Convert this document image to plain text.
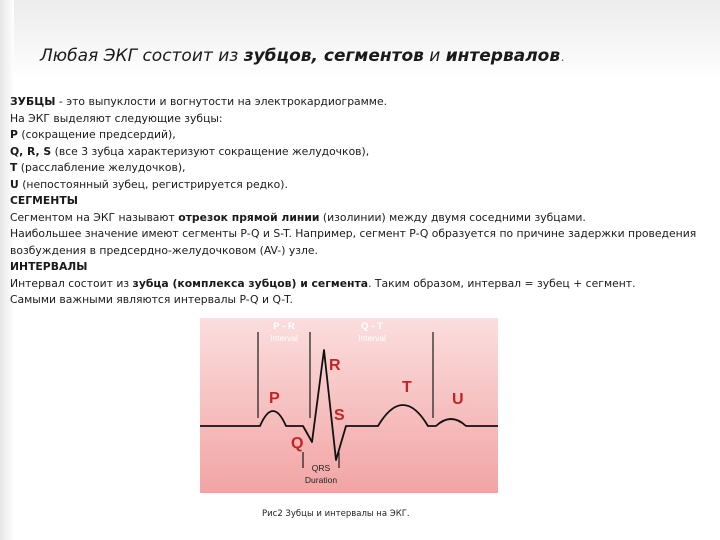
Любая ЭКГ состоит из зубцов, сегментов и интервалов.
ЗУБЦЫ - это выпуклости и вогнутости на электрокардиограмме.
На ЭКГ выделяют следующие зубцы:
P (сокращение предсердий),
Q, R, S (все 3 зубца характеризуют сокращение желудочков),
T (расслабление желудочков),
U (непостоянный зубец, регистрируется редко).
СЕГМЕНТЫ
Сегментом на ЭКГ называют отрезок прямой линии (изолинии) между двумя соседними зубцами.
Наибольшее значение имеют сегменты P-Q и S-T. Например, сегмент P-Q образуется по причине задержки проведения возбуждения в предсердно-желудочковом (AV-) узле.
ИНТЕРВАЛЫ
Интервал состоит из зубца (комплекса зубцов) и сегмента. Таким образом, интервал = зубец + сегмент.
Самыми важными являются интервалы P-Q и Q-T.
P - R
Interval
Q - T
Interval
P
Q
R
S
T
U
QRS
Duration
Рис2 Зубцы и интервалы на ЭКГ.
